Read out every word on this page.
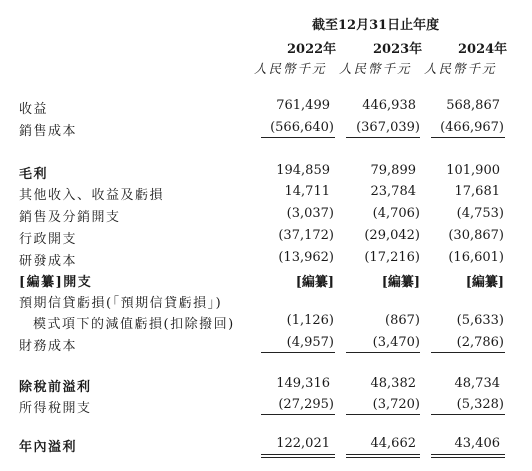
截至12月31日止年度
2022年	2023年	2024年
人民幣千元 人民幣千元 人民幣千元
收益	761,499	446,938	568,867
銷售成本	(566,640)	(367,039)	(466,967)
毛利	194,859	79,899	101,900
其他收入、收益及虧損	14,711	23,784	17,681
銷售及分銷開支	(3,037)	(4,706)	(4,753)
行政開支	(37,172)	(29,042)	(30,867)
研發成本	(13,962)	(17,216)	(16,601)
[編纂]開支	[編纂]	[編纂]	[編纂]
預期信貸虧損(「預期信貸虧損」)
模式項下的減值虧損(扣除撥回)	(1,126)	(867)	(5,633)
財務成本	(4,957)	(3,470)	(2,786)
除稅前溢利	149,316	48,382	48,734
所得稅開支	(27,295)	(3,720)	(5,328)
年內溢利	122,021	44,662	43,406
